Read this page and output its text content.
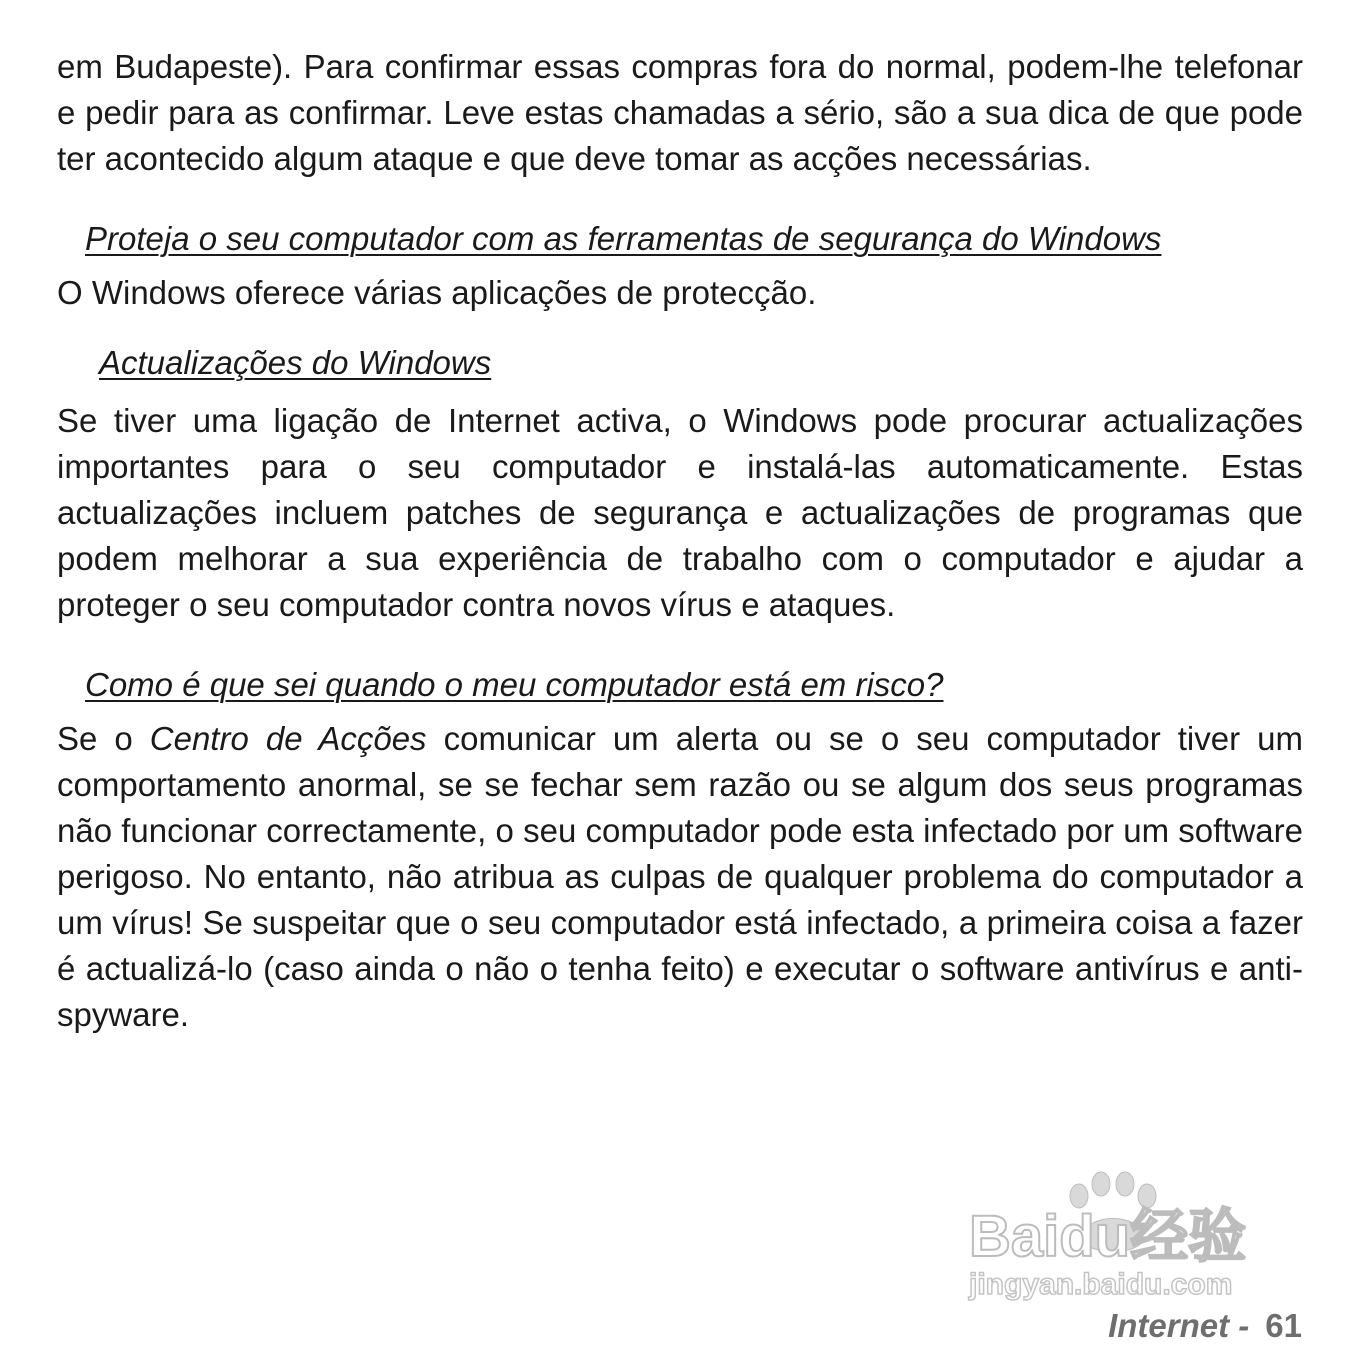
em Budapeste). Para confirmar essas compras fora do normal, podem-lhe telefonar e pedir para as confirmar. Leve estas chamadas a sério, são a sua dica de que pode ter acontecido algum ataque e que deve tomar as acções necessárias.

Proteja o seu computador com as ferramentas de segurança do Windows

O Windows oferece várias aplicações de protecção.

Actualizações do Windows

Se tiver uma ligação de Internet activa, o Windows pode procurar actualizações importantes para o seu computador e instalá-las automaticamente. Estas actualizações incluem patches de segurança e actualizações de programas que podem melhorar a sua experiência de trabalho com o computador e ajudar a proteger o seu computador contra novos vírus e ataques.

Como é que sei quando o meu computador está em risco?

Se o Centro de Acções comunicar um alerta ou se o seu computador tiver um comportamento anormal, se se fechar sem razão ou se algum dos seus programas não funcionar correctamente, o seu computador pode esta infectado por um software perigoso. No entanto, não atribua as culpas de qualquer problema do computador a um vírus! Se suspeitar que o seu computador está infectado, a primeira coisa a fazer é actualizá-lo (caso ainda o não o tenha feito) e executar o software antivírus e anti-spyware.

Baidu经验
jingyan.baidu.com
Internet - 61
